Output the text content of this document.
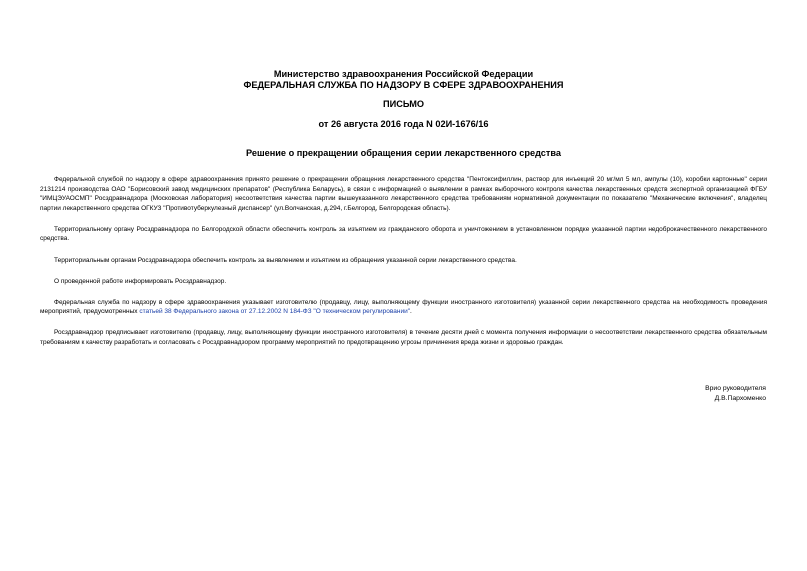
Министерство здравоохранения Российской Федерации
ФЕДЕРАЛЬНАЯ СЛУЖБА ПО НАДЗОРУ В СФЕРЕ ЗДРАВООХРАНЕНИЯ
ПИСЬМО
от 26 августа 2016 года N 02И-1676/16
Решение о прекращении обращения серии лекарственного средства

Федеральной службой по надзору в сфере здравоохранения принято решение о прекращении обращения лекарственного средства "Пентоксифиллин, раствор для инъекций 20 мг/мл 5 мл, ампулы (10), коробки картонные" серии 2131214 производства ОАО "Борисовский завод медицинских препаратов" (Республика Беларусь), в связи с информацией о выявлении в рамках выборочного контроля качества лекарственных средств экспертной организацией ФГБУ "ИМЦЭУАОСМП" Росздравнадзора (Московская лаборатория) несоответствия качества партии вышеуказанного лекарственного средства требованиям нормативной документации по показателю "Механические включения", владелец партии лекарственного средства ОГКУЗ "Противотуберкулезный диспансер" (ул.Волчанская, д.294, г.Белгород, Белгородская область).

Территориальному органу Росздравнадзора по Белгородской области обеспечить контроль за изъятием из гражданского оборота и уничтожением в установленном порядке указанной партии недоброкачественного лекарственного средства.

Территориальным органам Росздравнадзора обеспечить контроль за выявлением и изъятием из обращения указанной серии лекарственного средства.

О проведенной работе информировать Росздравнадзор.

Федеральная служба по надзору в сфере здравоохранения указывает изготовителю (продавцу, лицу, выполняющему функции иностранного изготовителя) указанной серии лекарственного средства на необходимость проведения мероприятий, предусмотренных статьей 38 Федерального закона от 27.12.2002 N 184-ФЗ "О техническом регулировании".

Росздравнадзор предписывает изготовителю (продавцу, лицу, выполняющему функции иностранного изготовителя) в течение десяти дней с момента получения информации о несоответствии лекарственного средства обязательным требованиям к качеству разработать и согласовать с Росздравнадзором программу мероприятий по предотвращению угрозы причинения вреда жизни и здоровью граждан.

Врио руководителя
Д.В.Пархоменко
